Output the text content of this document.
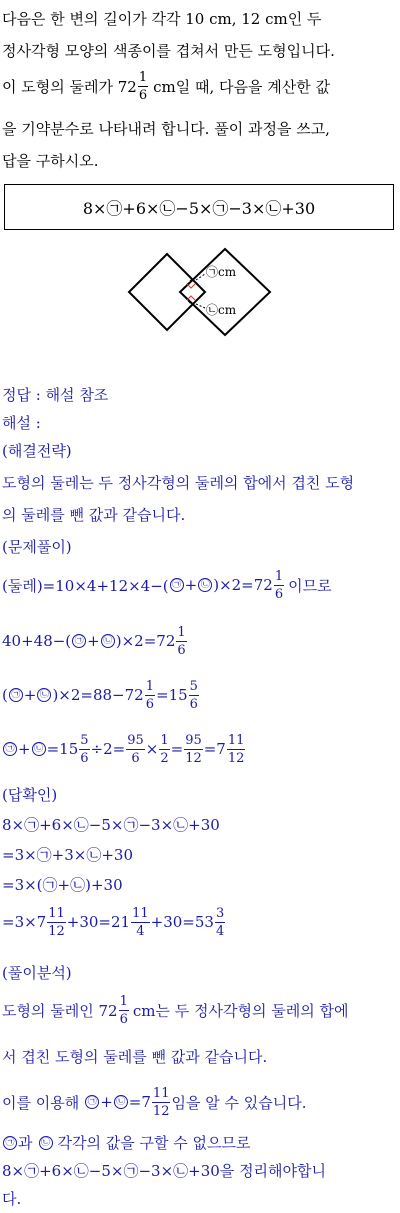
다음은 한 변의 길이가 각각 10 cm, 12 cm인 두
정사각형 모양의 색종이를 겹쳐서 만든 도형입니다.
이 도형의 둘레가 $72 \frac{1}{6}$ cm일 때, 다음을 계산한 값
을 기약분수로 나타내려 합니다. 풀이 과정을 쓰고,
답을 구하시오.
8×㉠+6×㉡−5×㉠−3×㉡+30
㉠cm
㉡cm
정답 : 해설 참조
해설 :
(해결전략)
도형의 둘레는 두 정사각형의 둘레의 합에서 겹친 도형
의 둘레를 뺀 값과 같습니다.
(문제풀이)
(둘레)=10×4+12×4−( ㉠ + ㉡ )$\times 2=72 \frac{1}{6}$ 이므로
40+48−( ㉠ + ㉡ )$\times 2=72 \frac{1}{6}$
( ㉠ + ㉡ )$\times 2=88-72 \frac{1}{6} =15 \frac{5}{6}$
㉠ + ㉡ $=15 \frac{5}{6} \div 2= \frac{95}{6} \times \frac{1}{2} = \frac{95}{12} =7 \frac{11}{12}$
(답확인)
8×㉠+6×㉡−5×㉠−3×㉡+30
=3×㉠+3×㉡+30
=3×(㉠+㉡)+30
$=3\times 7 \frac{11}{12} +30=21 \frac{11}{4} +30=53 \frac{3}{4}$
(풀이분석)
도형의 둘레인 $72 \frac{1}{6}$ cm는 두 정사각형의 둘레의 합에
서 겹친 도형의 둘레를 뺀 값과 같습니다.
이를 이용해 ㉠ + ㉡ $=7 \frac{11}{12}$ 임을 알 수 있습니다.
㉠ 과 ㉡ 각각의 값을 구할 수 없으므로
8×㉠+6×㉡−5×㉠−3×㉡+30을 정리해야합니
다.
